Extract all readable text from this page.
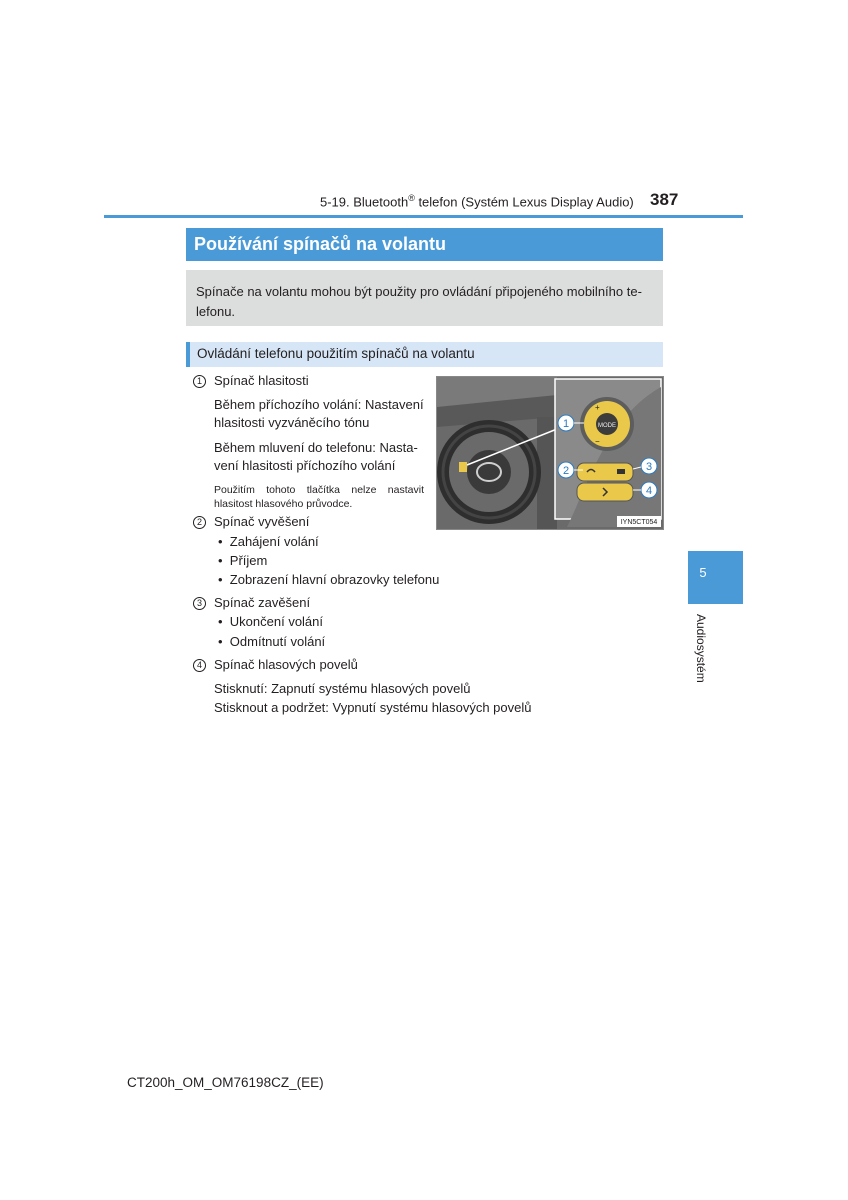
5-19. Bluetooth® telefon (Systém Lexus Display Audio) 387
Používání spínačů na volantu
Spínače na volantu mohou být použity pro ovládání připojeného mobilního te-lefonu.
Ovládání telefonu použitím spínačů na volantu
1 Spínač hlasitosti
Během příchozího volání: Nastavení
hlasitosti vyzváněcího tónu
Během mluvení do telefonu: Nasta-
vení hlasitosti příchozího volání
Použitím tohoto tlačítka nelze nastavit hlasitost hlasového průvodce.
2 Spínač vyvěšení
•  Zahájení volání
•  Příjem
•  Zobrazení hlavní obrazovky telefonu
3 Spínač zavěšení
•  Ukončení volání
•  Odmítnutí volání
4 Spínač hlasových povelů
Stisknutí: Zapnutí systému hlasových povelů
Stisknout a podržet: Vypnutí systému hlasových povelů
MODE
+
−
1
2	3
4
IYN5CT054
5
Audiosystém
CT200h_OM_OM76198CZ_(EE)
